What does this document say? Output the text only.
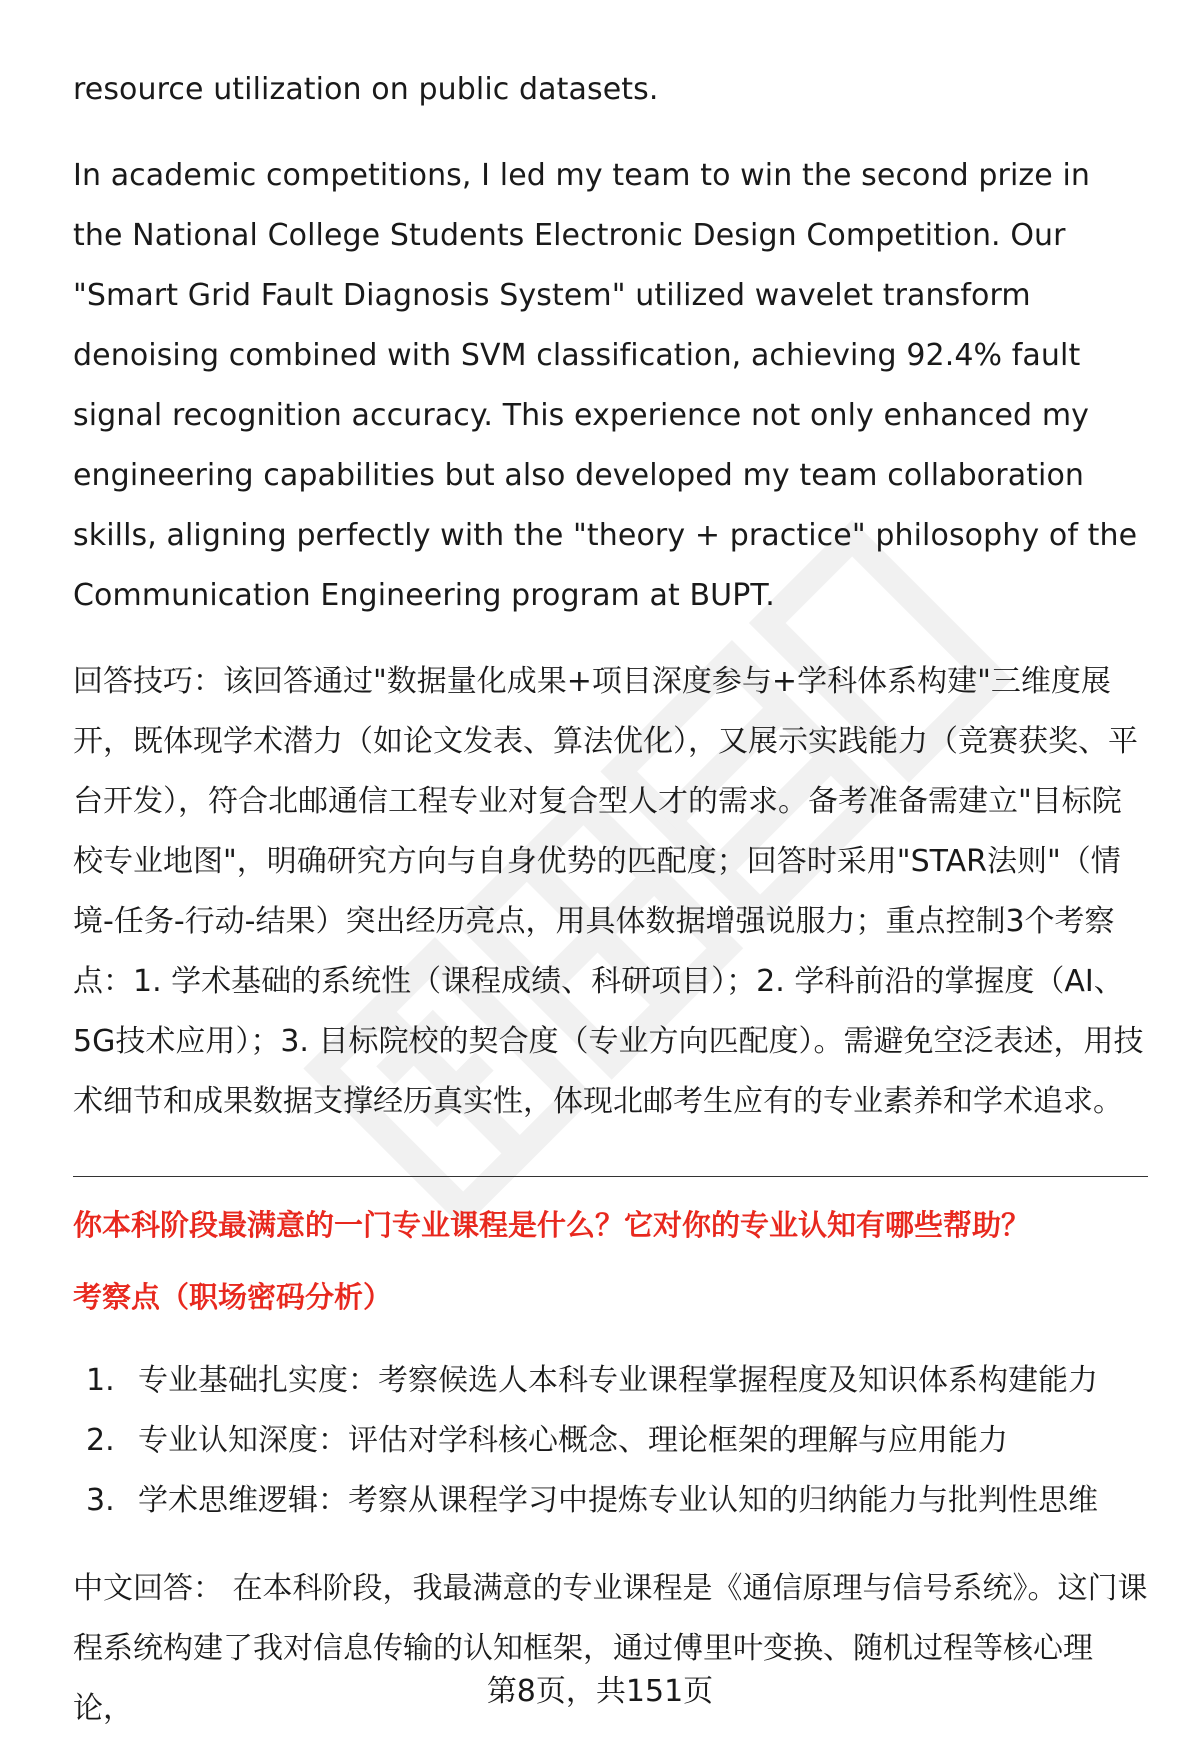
resource utilization on public datasets.

In academic competitions, I led my team to win the second prize in the National College Students Electronic Design Competition. Our "Smart Grid Fault Diagnosis System" utilized wavelet transform denoising combined with SVM classification, achieving 92.4% fault signal recognition accuracy. This experience not only enhanced my engineering capabilities but also developed my team collaboration skills, aligning perfectly with the "theory + practice" philosophy of the Communication Engineering program at BUPT.

回答技巧：该回答通过"数据量化成果+项目深度参与+学科体系构建"三维度展开，既体现学术潜力（如论文发表、算法优化），又展示实践能力（竞赛获奖、平台开发），符合北邮通信工程专业对复合型人才的需求。备考准备需建立"目标院校专业地图"，明确研究方向与自身优势的匹配度；回答时采用"STAR法则"（情境-任务-行动-结果）突出经历亮点，用具体数据增强说服力；重点控制3个考察点：1. 学术基础的系统性（课程成绩、科研项目）；2. 学科前沿的掌握度（AI、5G技术应用）；3. 目标院校的契合度（专业方向匹配度）。需避免空泛表述，用技术细节和成果数据支撑经历真实性，体现北邮考生应有的专业素养和学术追求。

你本科阶段最满意的一门专业课程是什么？它对你的专业认知有哪些帮助？

考察点（职场密码分析）

1. 专业基础扎实度：考察候选人本科专业课程掌握程度及知识体系构建能力
2. 专业认知深度：评估对学科核心概念、理论框架的理解与应用能力
3. 学术思维逻辑：考察从课程学习中提炼专业认知的归纳能力与批判性思维

中文回答： 在本科阶段，我最满意的专业课程是《通信原理与信号系统》。这门课程系统构建了我对信息传输的认知框架，通过傅里叶变换、随机过程等核心理论，	第8页，共151页
